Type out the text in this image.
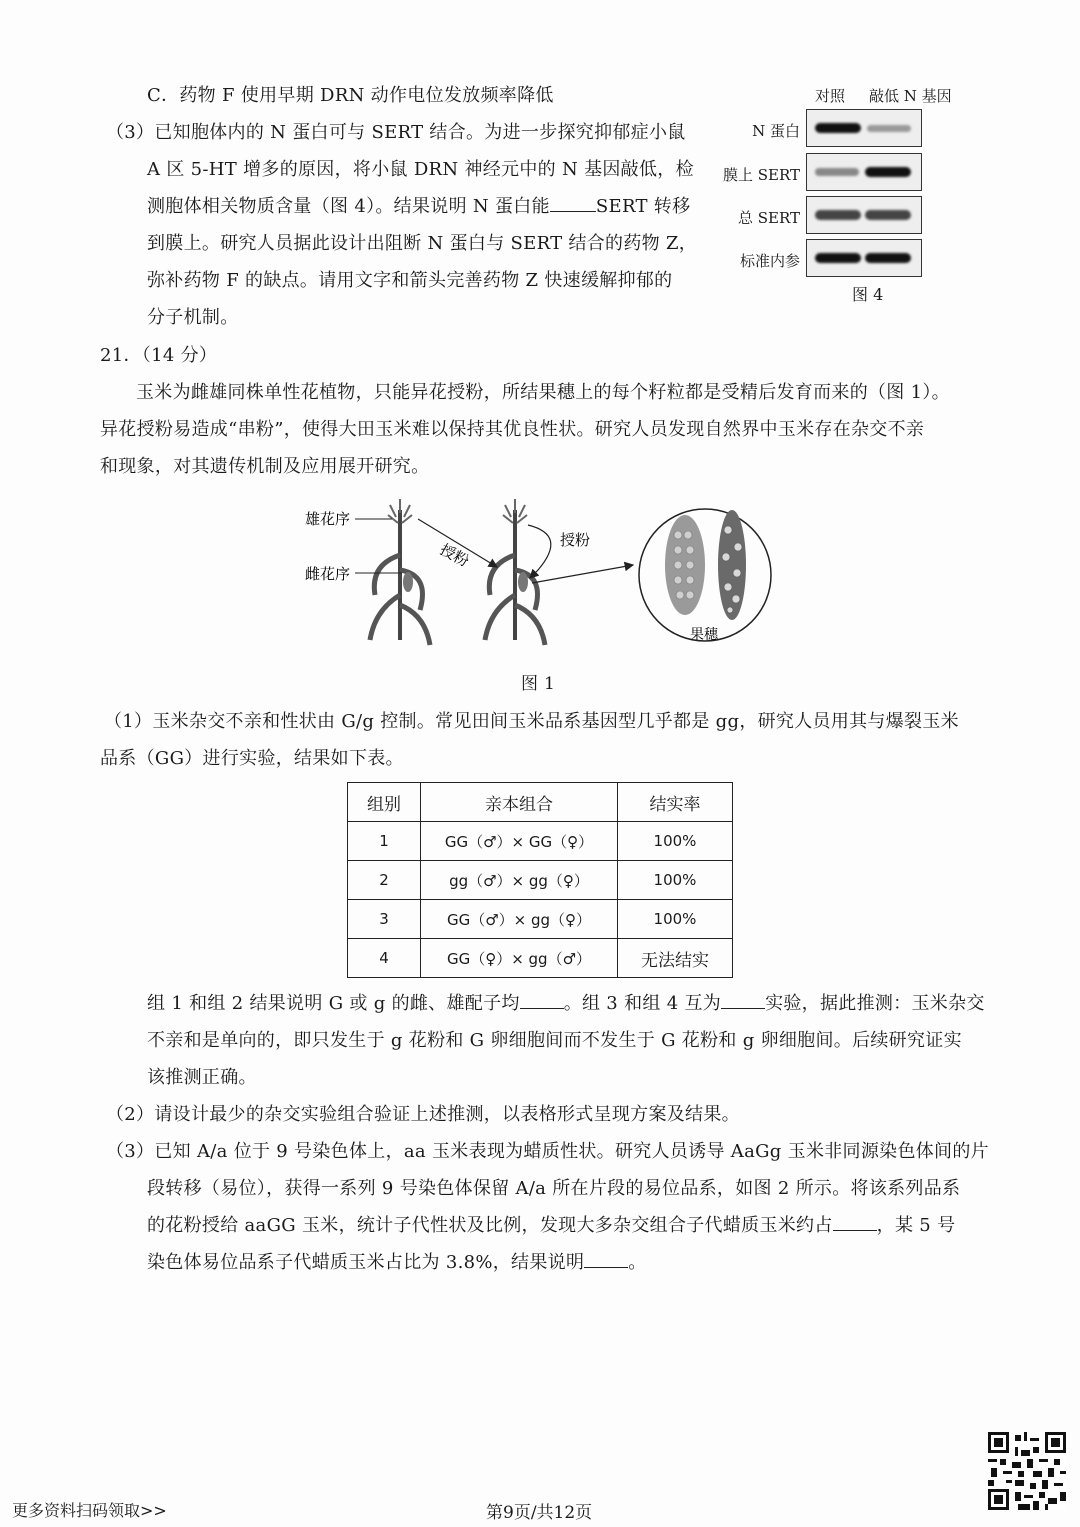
C．药物 F 使用早期 DRN 动作电位发放频率降低
（3）已知胞体内的 N 蛋白可与 SERT 结合。为进一步探究抑郁症小鼠
A 区 5-HT 增多的原因，将小鼠 DRN 神经元中的 N 基因敲低，检
测胞体相关物质含量（图 4）。结果说明 N 蛋白能	SERT 转移
到膜上。研究人员据此设计出阻断 N 蛋白与 SERT 结合的药物 Z，
弥补药物 F 的缺点。请用文字和箭头完善药物 Z 快速缓解抑郁的
分子机制。
对照 敲低 N 基因
N 蛋白
膜上 SERT
总 SERT
标准内参
图 4
21．（14 分）
玉米为雌雄同株单性花植物，只能异花授粉，所结果穗上的每个籽粒都是受精后发育而来的（图 1）。
异花授粉易造成“串粉”，使得大田玉米难以保持其优良性状。研究人员发现自然界中玉米存在杂交不亲
和现象，对其遗传机制及应用展开研究。
雄花序
雌花序
授粉
授粉
果穗
图 1
（1）玉米杂交不亲和性状由 G/g 控制。常见田间玉米品系基因型几乎都是 gg，研究人员用其与爆裂玉米
品系（GG）进行实验，结果如下表。
组别	亲本组合	结实率
1	GG（♂）× GG（♀）	100%
2	gg（♂）× gg（♀）	100%
3	GG（♂）× gg（♀）	100%
4	GG（♀）× gg（♂）	无法结实
组 1 和组 2 结果说明 G 或 g 的雌、雄配子均 。组 3 和组 4 互为 实验，据此推测：玉米杂交
不亲和是单向的，即只发生于 g 花粉和 G 卵细胞间而不发生于 G 花粉和 g 卵细胞间。后续研究证实
该推测正确。
（2）请设计最少的杂交实验组合验证上述推测，以表格形式呈现方案及结果。
（3）已知 A/a 位于 9 号染色体上，aa 玉米表现为蜡质性状。研究人员诱导 AaGg 玉米非同源染色体间的片
段转移（易位），获得一系列 9 号染色体保留 A/a 所在片段的易位品系，如图 2 所示。将该系列品系
的花粉授给 aaGG 玉米，统计子代性状及比例，发现大多杂交组合子代蜡质玉米约占 ，某 5 号
染色体易位品系子代蜡质玉米占比为 3.8%，结果说明 。
更多资料扫码领取>>	第9页/共12页
